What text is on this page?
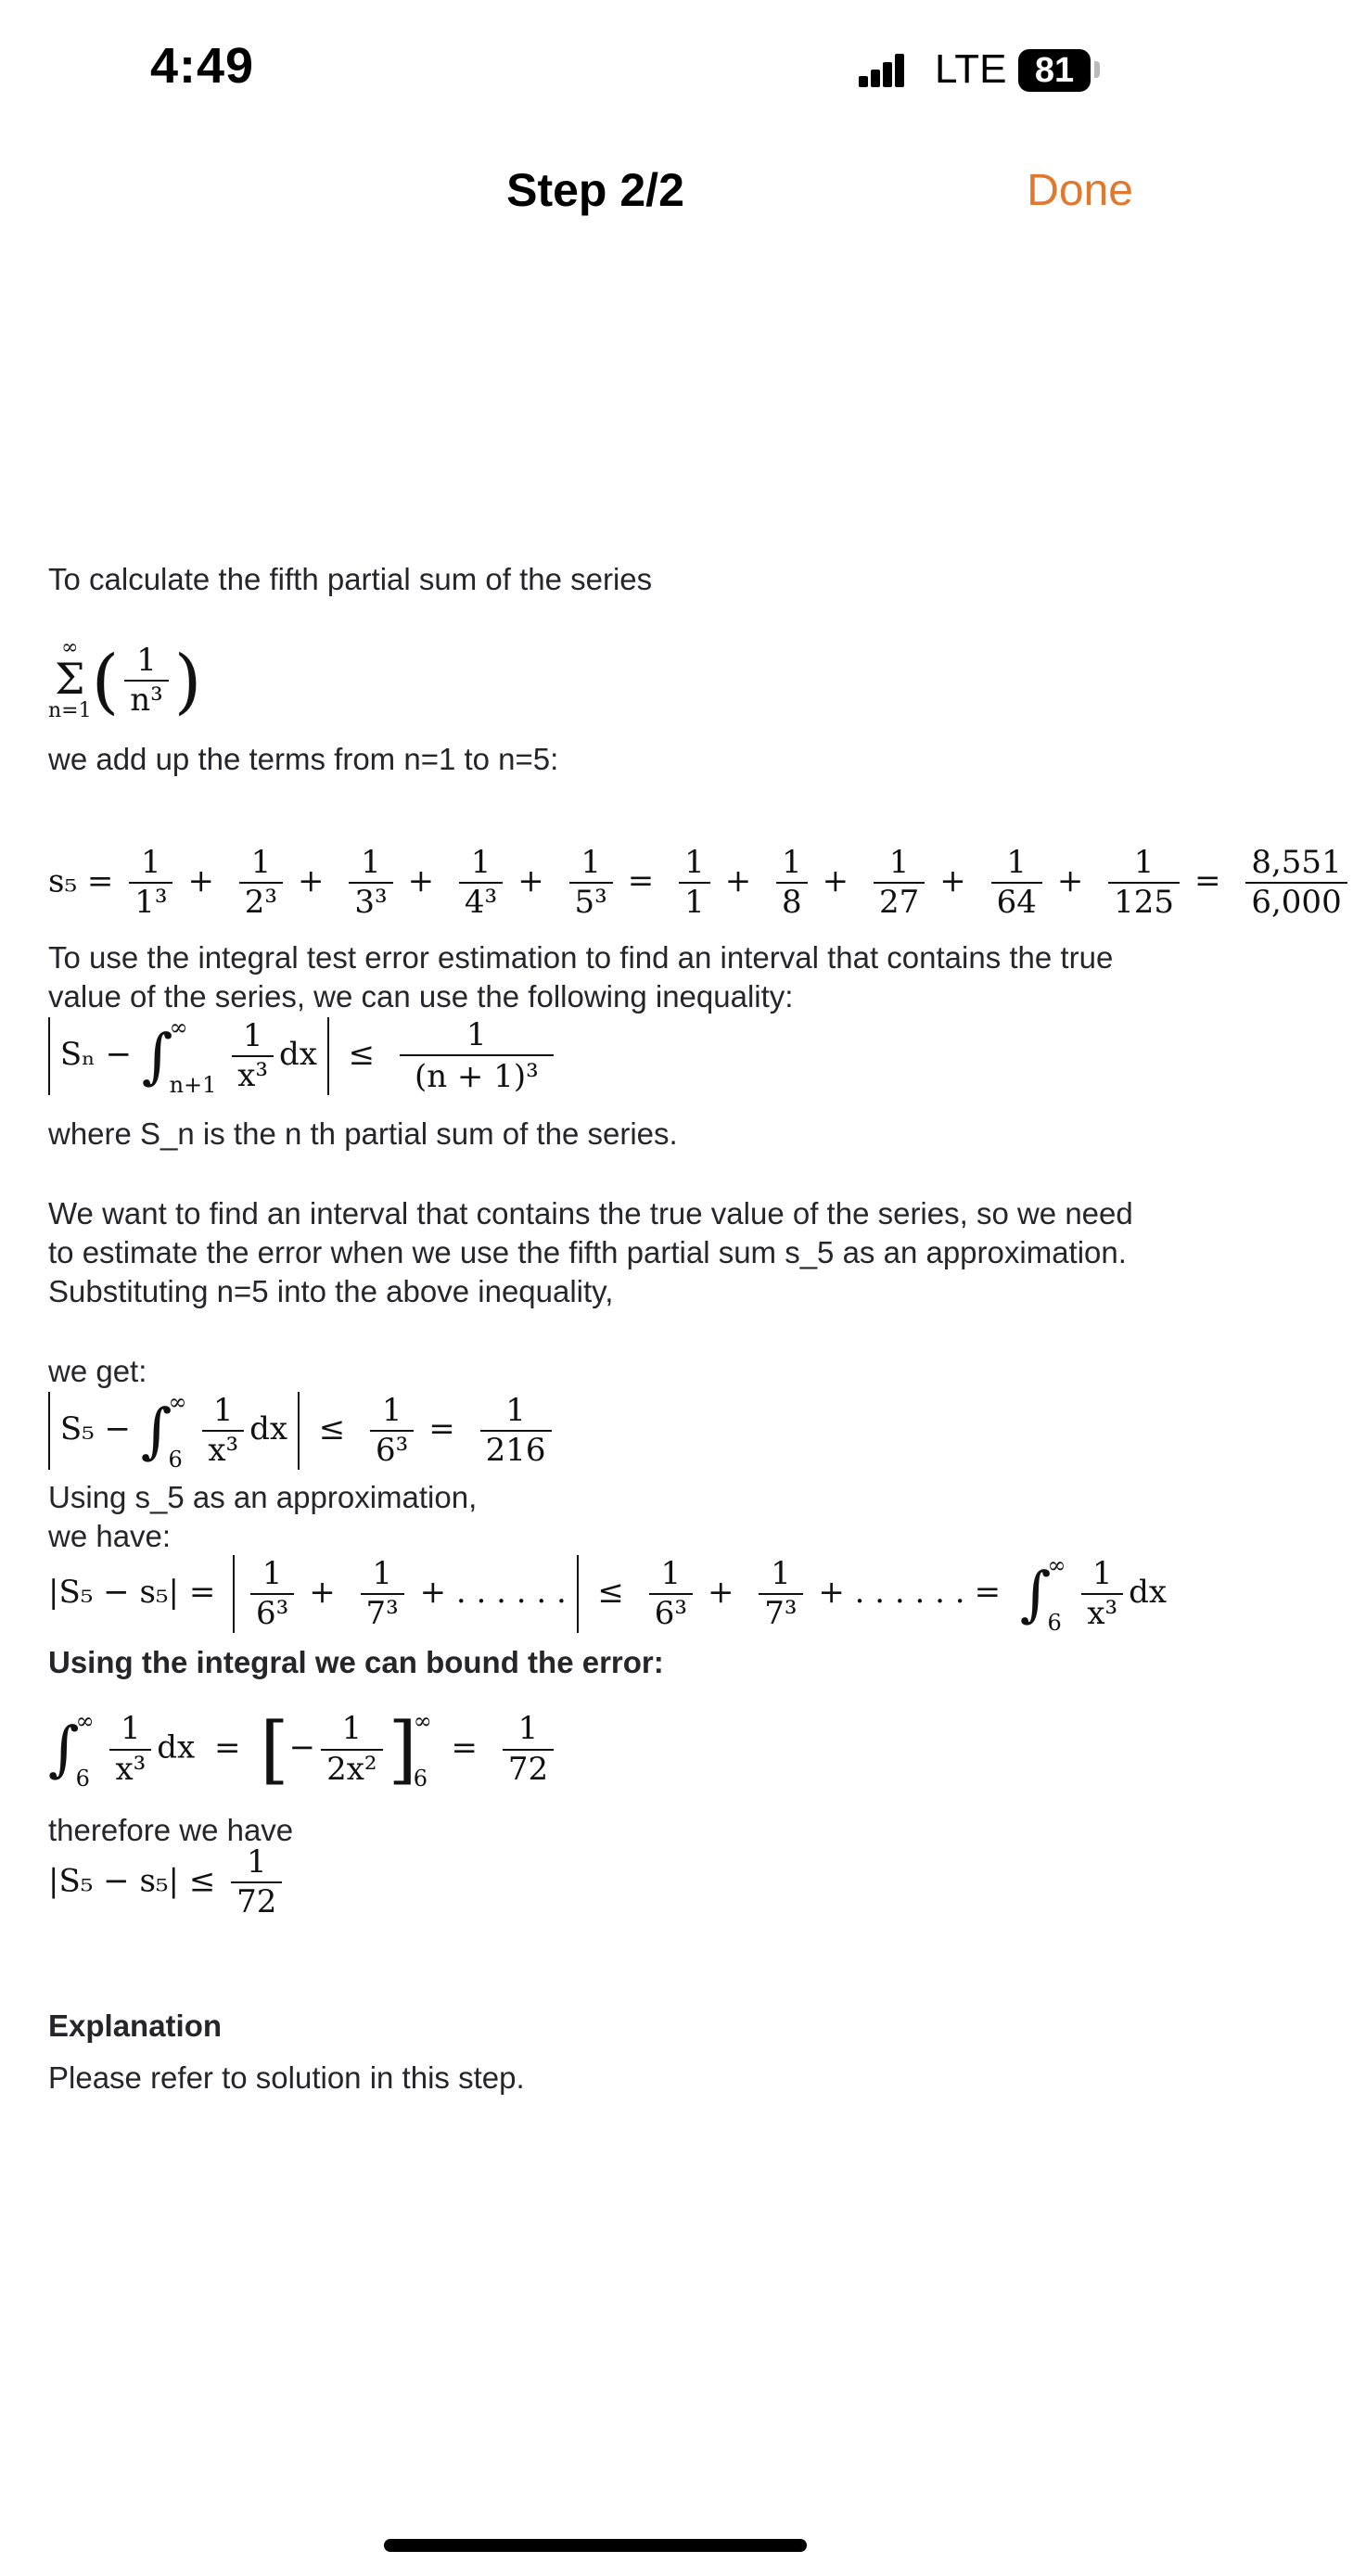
4:49	LTE 81
Step 2/2	Done
To calculate the fifth partial sum of the series
∞
Σ
n=1 ( $\frac{1}{\text{n³}}$ )
we add up the terms from n=1 to n=5:
$s_5 = \frac{1}{\text{1³}} + \frac{1}{\text{2³}} + \frac{1}{\text{3³}} + \frac{1}{\text{4³}} + \frac{1}{\text{5³}} = \frac{1}{1} + \frac{1}{8} + \frac{1}{27} + \frac{1}{64} + \frac{1}{125} = \frac{8,551}{6,000}$
To use the integral test error estimation to find an interval that contains the true value of the series, we can use the following inequality:
Sₙ − ∫
∞
n+1
$\frac{1}{\text{x³}}$ dx ≤ $\frac{1}{\text{(n + 1)³}}$
where S_n is the n th partial sum of the series.
We want to find an interval that contains the true value of the series, so we need to estimate the error when we use the fifth partial sum s_5 as an approximation. Substituting n=5 into the above inequality,
we get:
S₅ − ∫
∞
6
$\frac{1}{\text{x³}}$ dx ≤ $\frac{1}{\text{6³}} = \frac{1}{216}$
Using s_5 as an approximation,
we have:
$|S_5 - s_5| = \frac{1}{\text{6³}} + \frac{1}{\text{7³}}$ + . . . . . . ≤ $\frac{1}{\text{6³}} + \frac{1}{\text{7³}}$ + . . . . . . = ∫
∞
6
$\frac{1}{\text{x³}}$ dx
Using the integral we can bound the error:
∫
∞
6
$\frac{1}{\text{x³}}$ dx = [− $\frac{1}{\text{2x²}}$ ]
∞
6
= $\frac{1}{72}$
therefore we have
$|S_5 - s_5| \le \frac{1}{72}$
Explanation
Please refer to solution in this step.
